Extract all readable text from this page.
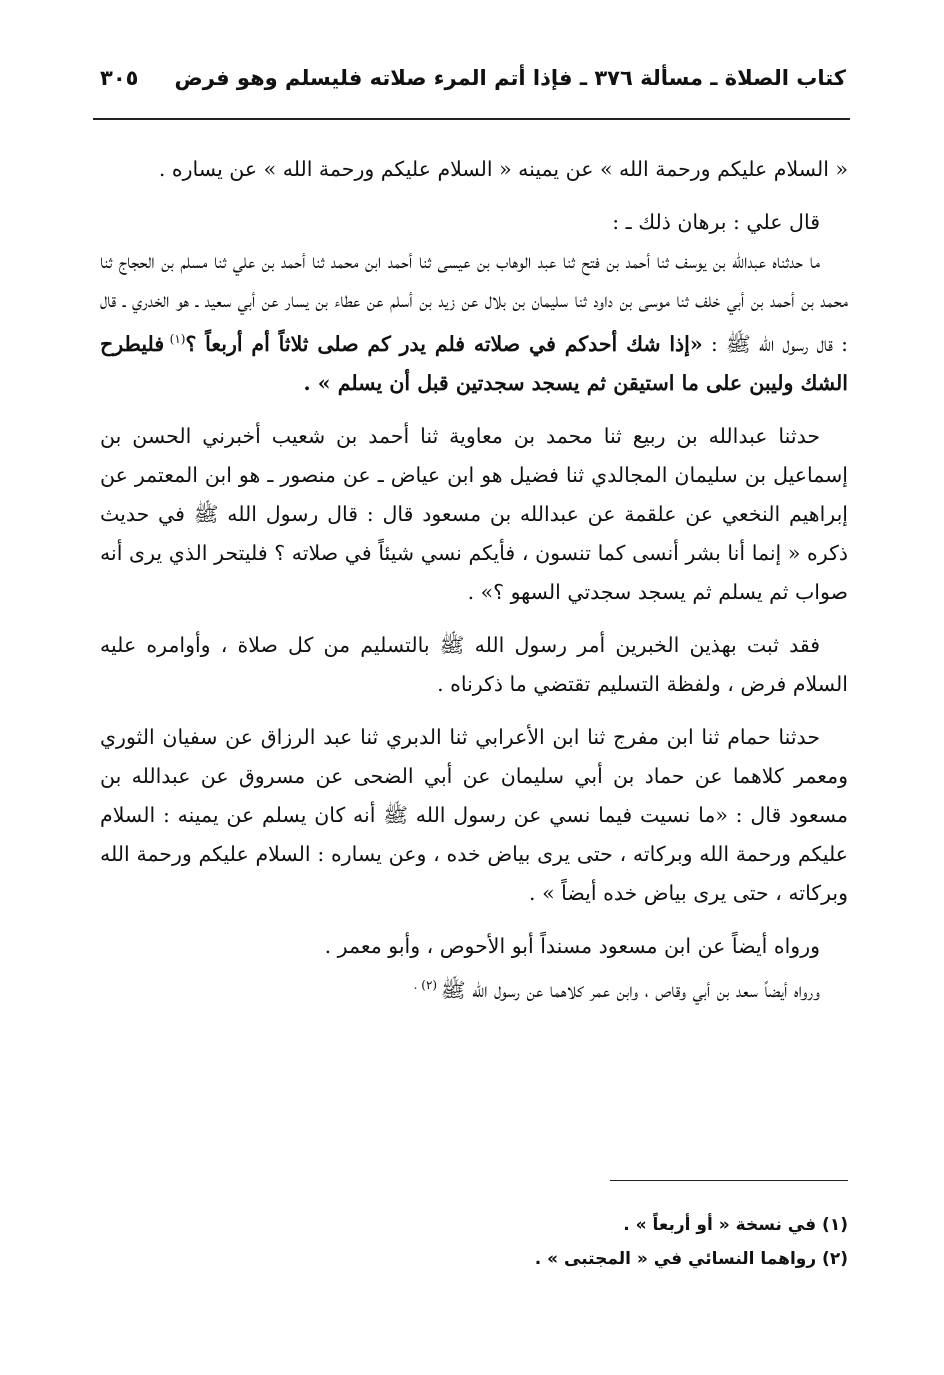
كتاب الصلاة ـ مسألة ٣٧٦ ـ فإذا أتم المرء صلاته فليسلم وهو فرض
٣٠٥

« السلام عليكم ورحمة الله » عن يمينه « السلام عليكم ورحمة الله » عن يساره .

قال علي : برهان ذلك ـ :

ما حدثناه عبدالله بن يوسف ثنا أحمد بن فتح ثنا عبد الوهاب بن عيسى ثنا أحمد ابن محمد ثنا أحمد بن علي ثنا مسلم بن الحجاج ثنا محمد بن أحمد بن أبي خلف ثنا موسى بن داود ثنا سليمان بن بلال عن زيد بن أسلم عن عطاء بن يسار عن أبي سعيد ـ هو الخدري ـ قال : قال رسول الله ﷺ : «إذا شك أحدكم في صلاته فلم يدر كم صلى ثلاثاً أم أربعاً ؟$^{(١)}$ فليطرح الشك وليبن على ما استيقن ثم يسجد سجدتين قبل أن يسلم » .

حدثنا عبدالله بن ربيع ثنا محمد بن معاوية ثنا أحمد بن شعيب أخبرني الحسن بن إسماعيل بن سليمان المجالدي ثنا فضيل هو ابن عياض ـ عن منصور ـ هو ابن المعتمر عن إبراهيم النخعي عن علقمة عن عبدالله بن مسعود قال : قال رسول الله ﷺ في حديث ذكره « إنما أنا بشر أنسى كما تنسون ، فأيكم نسي شيئاً في صلاته ؟ فليتحر الذي يرى أنه صواب ثم يسلم ثم يسجد سجدتي السهو ؟» .

فقد ثبت بهذين الخبرين أمر رسول الله ﷺ بالتسليم من كل صلاة ، وأوامره عليه السلام فرض ، ولفظة التسليم تقتضي ما ذكرناه .

حدثنا حمام ثنا ابن مفرج ثنا ابن الأعرابي ثنا الدبري ثنا عبد الرزاق عن سفيان الثوري ومعمر كلاهما عن حماد بن أبي سليمان عن أبي الضحى عن مسروق عن عبدالله بن مسعود قال : «ما نسيت فيما نسي عن رسول الله ﷺ أنه كان يسلم عن يمينه : السلام عليكم ورحمة الله وبركاته ، حتى يرى بياض خده ، وعن يساره : السلام عليكم ورحمة الله وبركاته ، حتى يرى بياض خده أيضاً » .

ورواه أيضاً عن ابن مسعود مسنداً أبو الأحوص ، وأبو معمر .

ورواه أيضاً سعد بن أبي وقاص ، وابن عمر كلاهما عن رسول الله ﷺ $^{(٢) .}$

(١) في نسخة « أو أربعاً » .

(٢) رواهما النسائي في « المجتبى » .
